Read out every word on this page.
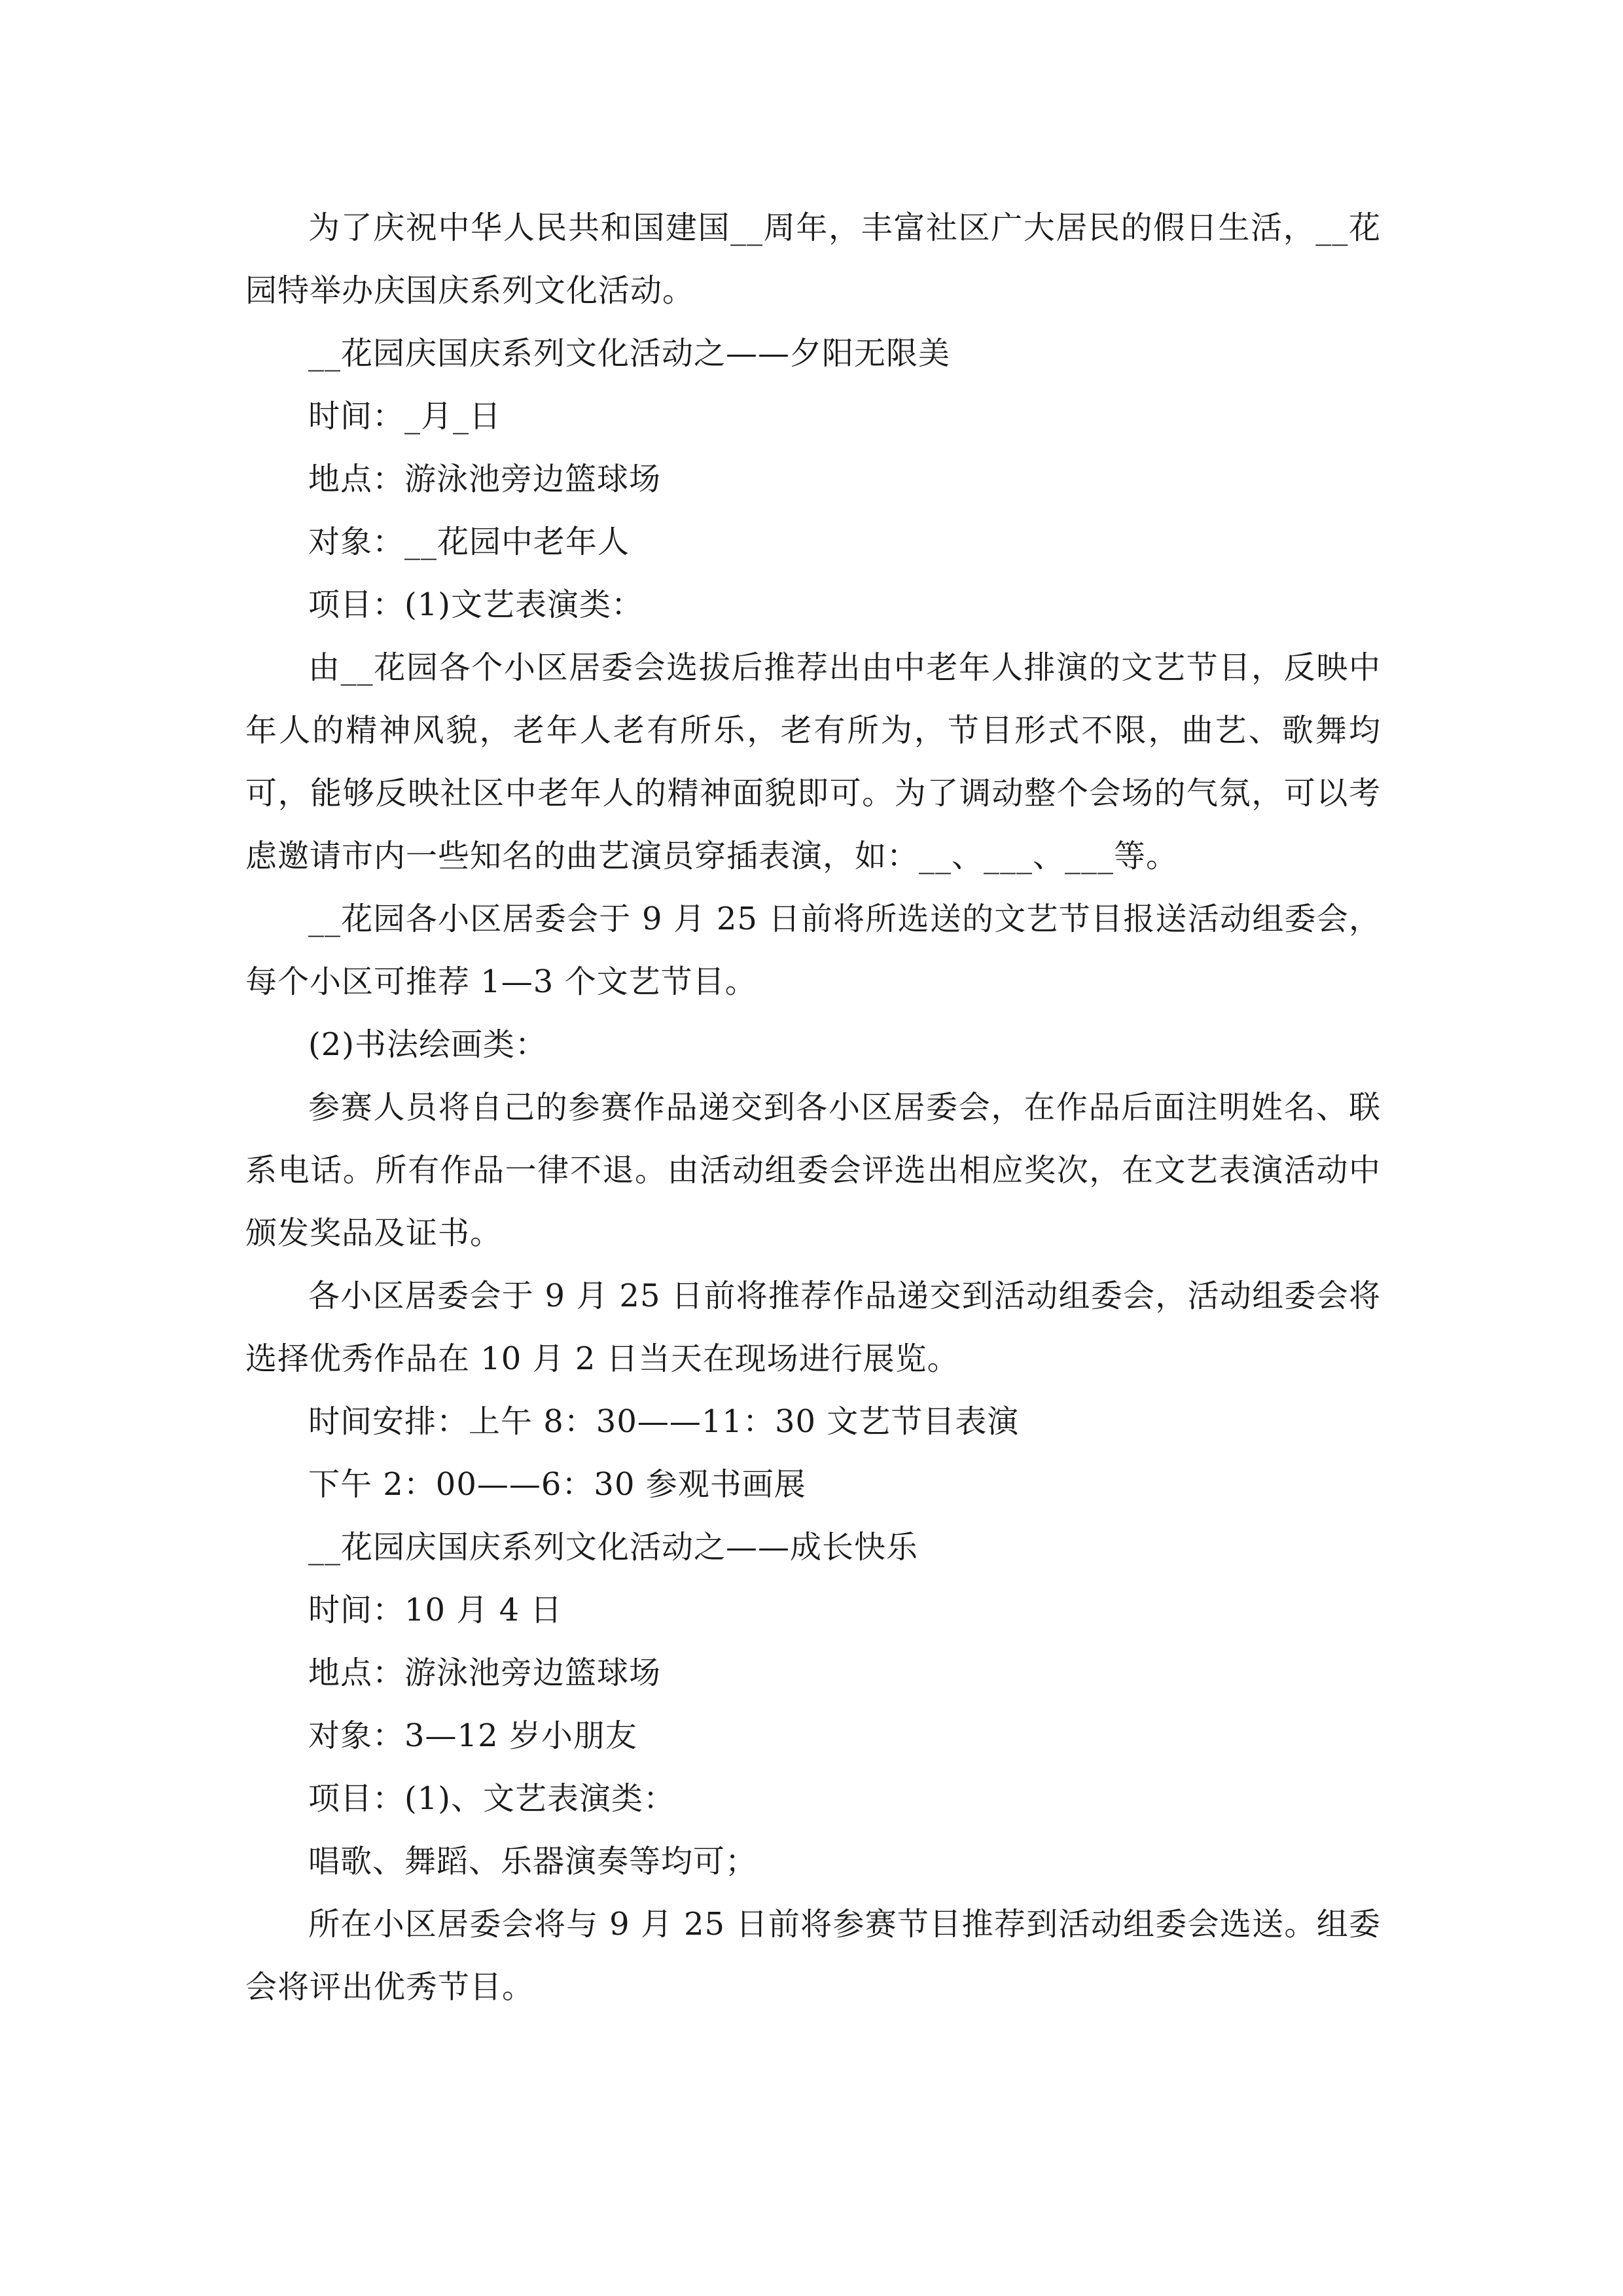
为了庆祝中华人民共和国建国__周年，丰富社区广大居民的假日生活，__花园特举办庆国庆系列文化活动。

__花园庆国庆系列文化活动之——夕阳无限美

时间：_月_日

地点：游泳池旁边篮球场

对象：__花园中老年人

项目：(1)文艺表演类：

由__花园各个小区居委会选拔后推荐出由中老年人排演的文艺节目，反映中年人的精神风貌，老年人老有所乐，老有所为，节目形式不限，曲艺、歌舞均可，能够反映社区中老年人的精神面貌即可。为了调动整个会场的气氛，可以考虑邀请市内一些知名的曲艺演员穿插表演，如：__、___、___等。

__花园各小区居委会于 9 月 25 日前将所选送的文艺节目报送活动组委会，每个小区可推荐 1—3 个文艺节目。

(2)书法绘画类：

参赛人员将自己的参赛作品递交到各小区居委会，在作品后面注明姓名、联系电话。所有作品一律不退。由活动组委会评选出相应奖次，在文艺表演活动中颁发奖品及证书。

各小区居委会于 9 月 25 日前将推荐作品递交到活动组委会，活动组委会将选择优秀作品在 10 月 2 日当天在现场进行展览。

时间安排：上午 8：30——11：30 文艺节目表演

下午 2：00——6：30 参观书画展

__花园庆国庆系列文化活动之——成长快乐

时间：10 月 4 日

地点：游泳池旁边篮球场

对象：3—12 岁小朋友

项目：(1)、文艺表演类：

唱歌、舞蹈、乐器演奏等均可；

所在小区居委会将与 9 月 25 日前将参赛节目推荐到活动组委会选送。组委会将评出优秀节目。
